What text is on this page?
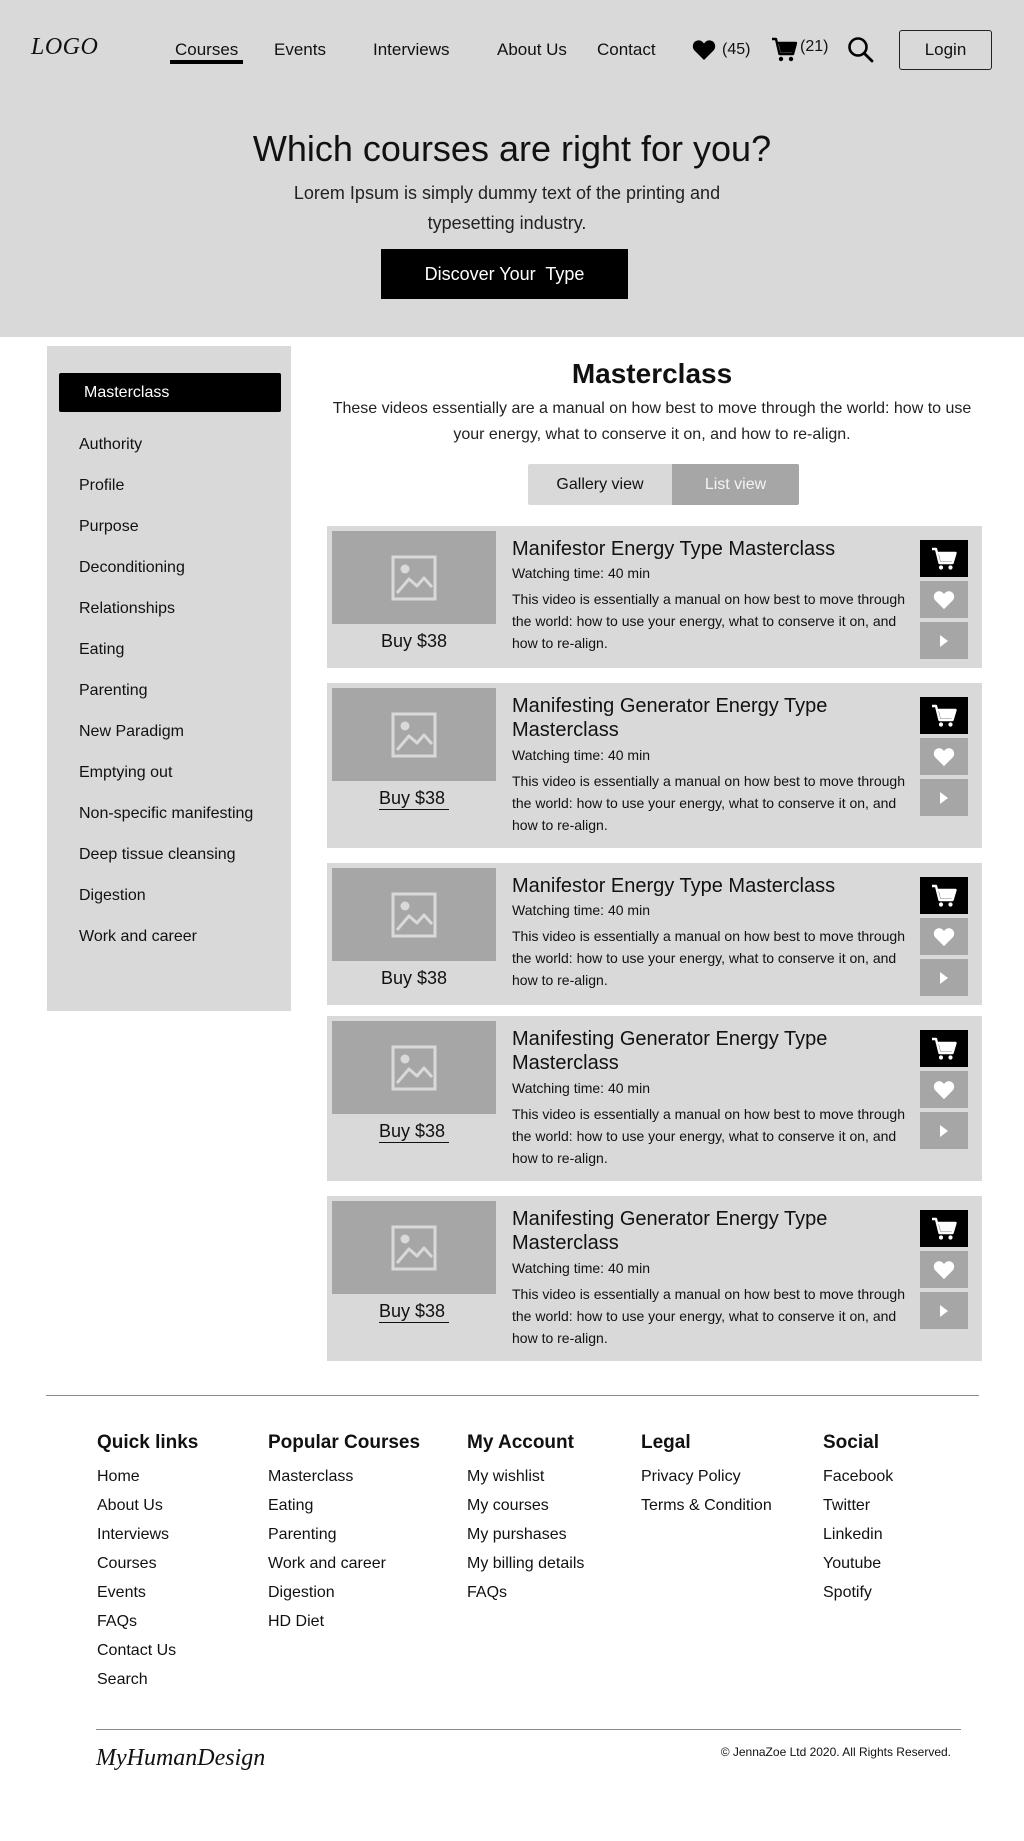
LOGO	Courses Events	Interviews	About Us Contact	(45)	(21)	Login
Which courses are right for you?

Lorem Ipsum is simply dummy text of the printing and typesetting industry.

Discover Your  Type
Masterclass
Authority
Profile
Purpose
Deconditioning
Relationships
Eating
Parenting
New Paradigm
Emptying out
Non-specific manifesting
Deep tissue cleansing
Digestion
Work and career
Masterclass

These videos essentially are a manual on how best to move through the world: how to use your energy, what to conserve it on, and how to re-align.

Gallery view	List view
Buy $38
Manifestor Energy Type Masterclass
Watching time: 40 min
This video is essentially a manual on how best to move through the world: how to use your energy, what to conserve it on, and how to re-align.
Buy $38
Manifesting Generator Energy Type Masterclass
Watching time: 40 min
This video is essentially a manual on how best to move through the world: how to use your energy, what to conserve it on, and how to re-align.
Buy $38
Manifestor Energy Type Masterclass
Watching time: 40 min
This video is essentially a manual on how best to move through the world: how to use your energy, what to conserve it on, and how to re-align.
Buy $38
Manifesting Generator Energy Type Masterclass
Watching time: 40 min
This video is essentially a manual on how best to move through the world: how to use your energy, what to conserve it on, and how to re-align.
Buy $38
Manifesting Generator Energy Type Masterclass
Watching time: 40 min
This video is essentially a manual on how best to move through the world: how to use your energy, what to conserve it on, and how to re-align.
Quick links
Home
About Us
Interviews
Courses
Events
FAQs
Contact Us
Search
Popular Courses
Masterclass
Eating
Parenting
Work and career
Digestion
HD Diet
My Account
My wishlist
My courses
My purshases
My billing details
FAQs
Legal
Privacy Policy
Terms & Condition
Social
Facebook
Twitter
Linkedin
Youtube
Spotify
MyHumanDesign	© JennaZoe Ltd 2020. All Rights Reserved.
